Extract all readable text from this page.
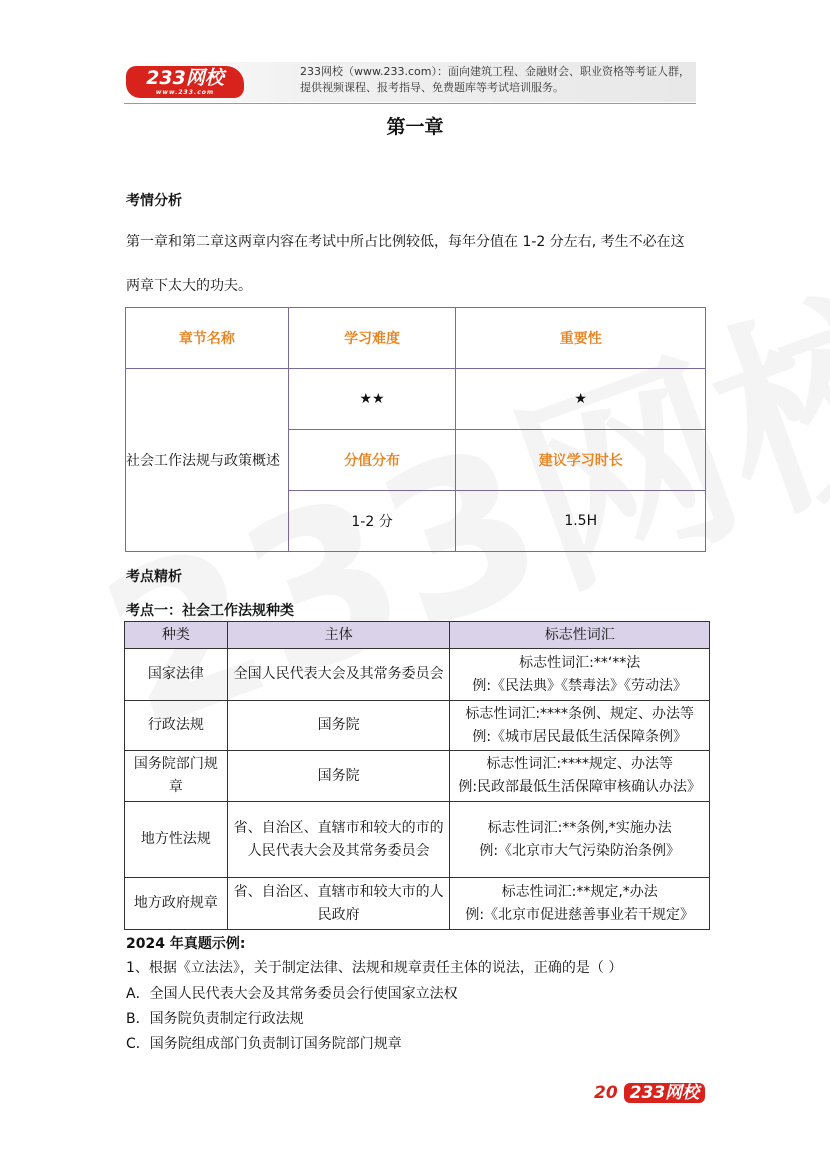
233网校
www.233.com
233网校（www.233.com）：面向建筑工程、金融财会、职业资格等考证人群，
提供视频课程、报考指导、免费题库等考试培训服务。
第一章
考情分析
第一章和第二章这两章内容在考试中所占比例较低，每年分值在 1-2 分左右, 考生不必在这
两章下太大的功夫。
章节名称	学习难度	重要性
社会工作法规与政策概述	★★	★
	分值分布	建议学习时长
	1-2 分	1.5H
考点精析
考点一：社会工作法规种类
种类	主体	标志性词汇
国家法律	全国人民代表大会及其常务委员会	标志性词汇:**‘**法
例:《民法典》《禁毒法》《劳动法》

行政法规	国务院	标志性词汇:****条例、规定、办法等
例:《城市居民最低生活保障条例》

国务院部门规章	国务院	标志性词汇:****规定、办法等
例:民政部最低生活保障审核确认办法》

地方性法规	省、自治区、直辖市和较大的市的人民代表大会及其常务委员会	标志性词汇:**条例,*实施办法
例:《北京市大气污染防治条例》

地方政府规章	省、自治区、直辖市和较大市的人民政府	标志性词汇:**规定,*办法
例:《北京市促进慈善事业若干规定》
2024 年真题示例:
1、根据《立法法》，关于制定法律、法规和规章责任主体的说法，正确的是（ ）
A．全国人民代表大会及其常务委员会行使国家立法权
B．国务院负责制定行政法规
C．国务院组成部门负责制订国务院部门规章
20 233网校
